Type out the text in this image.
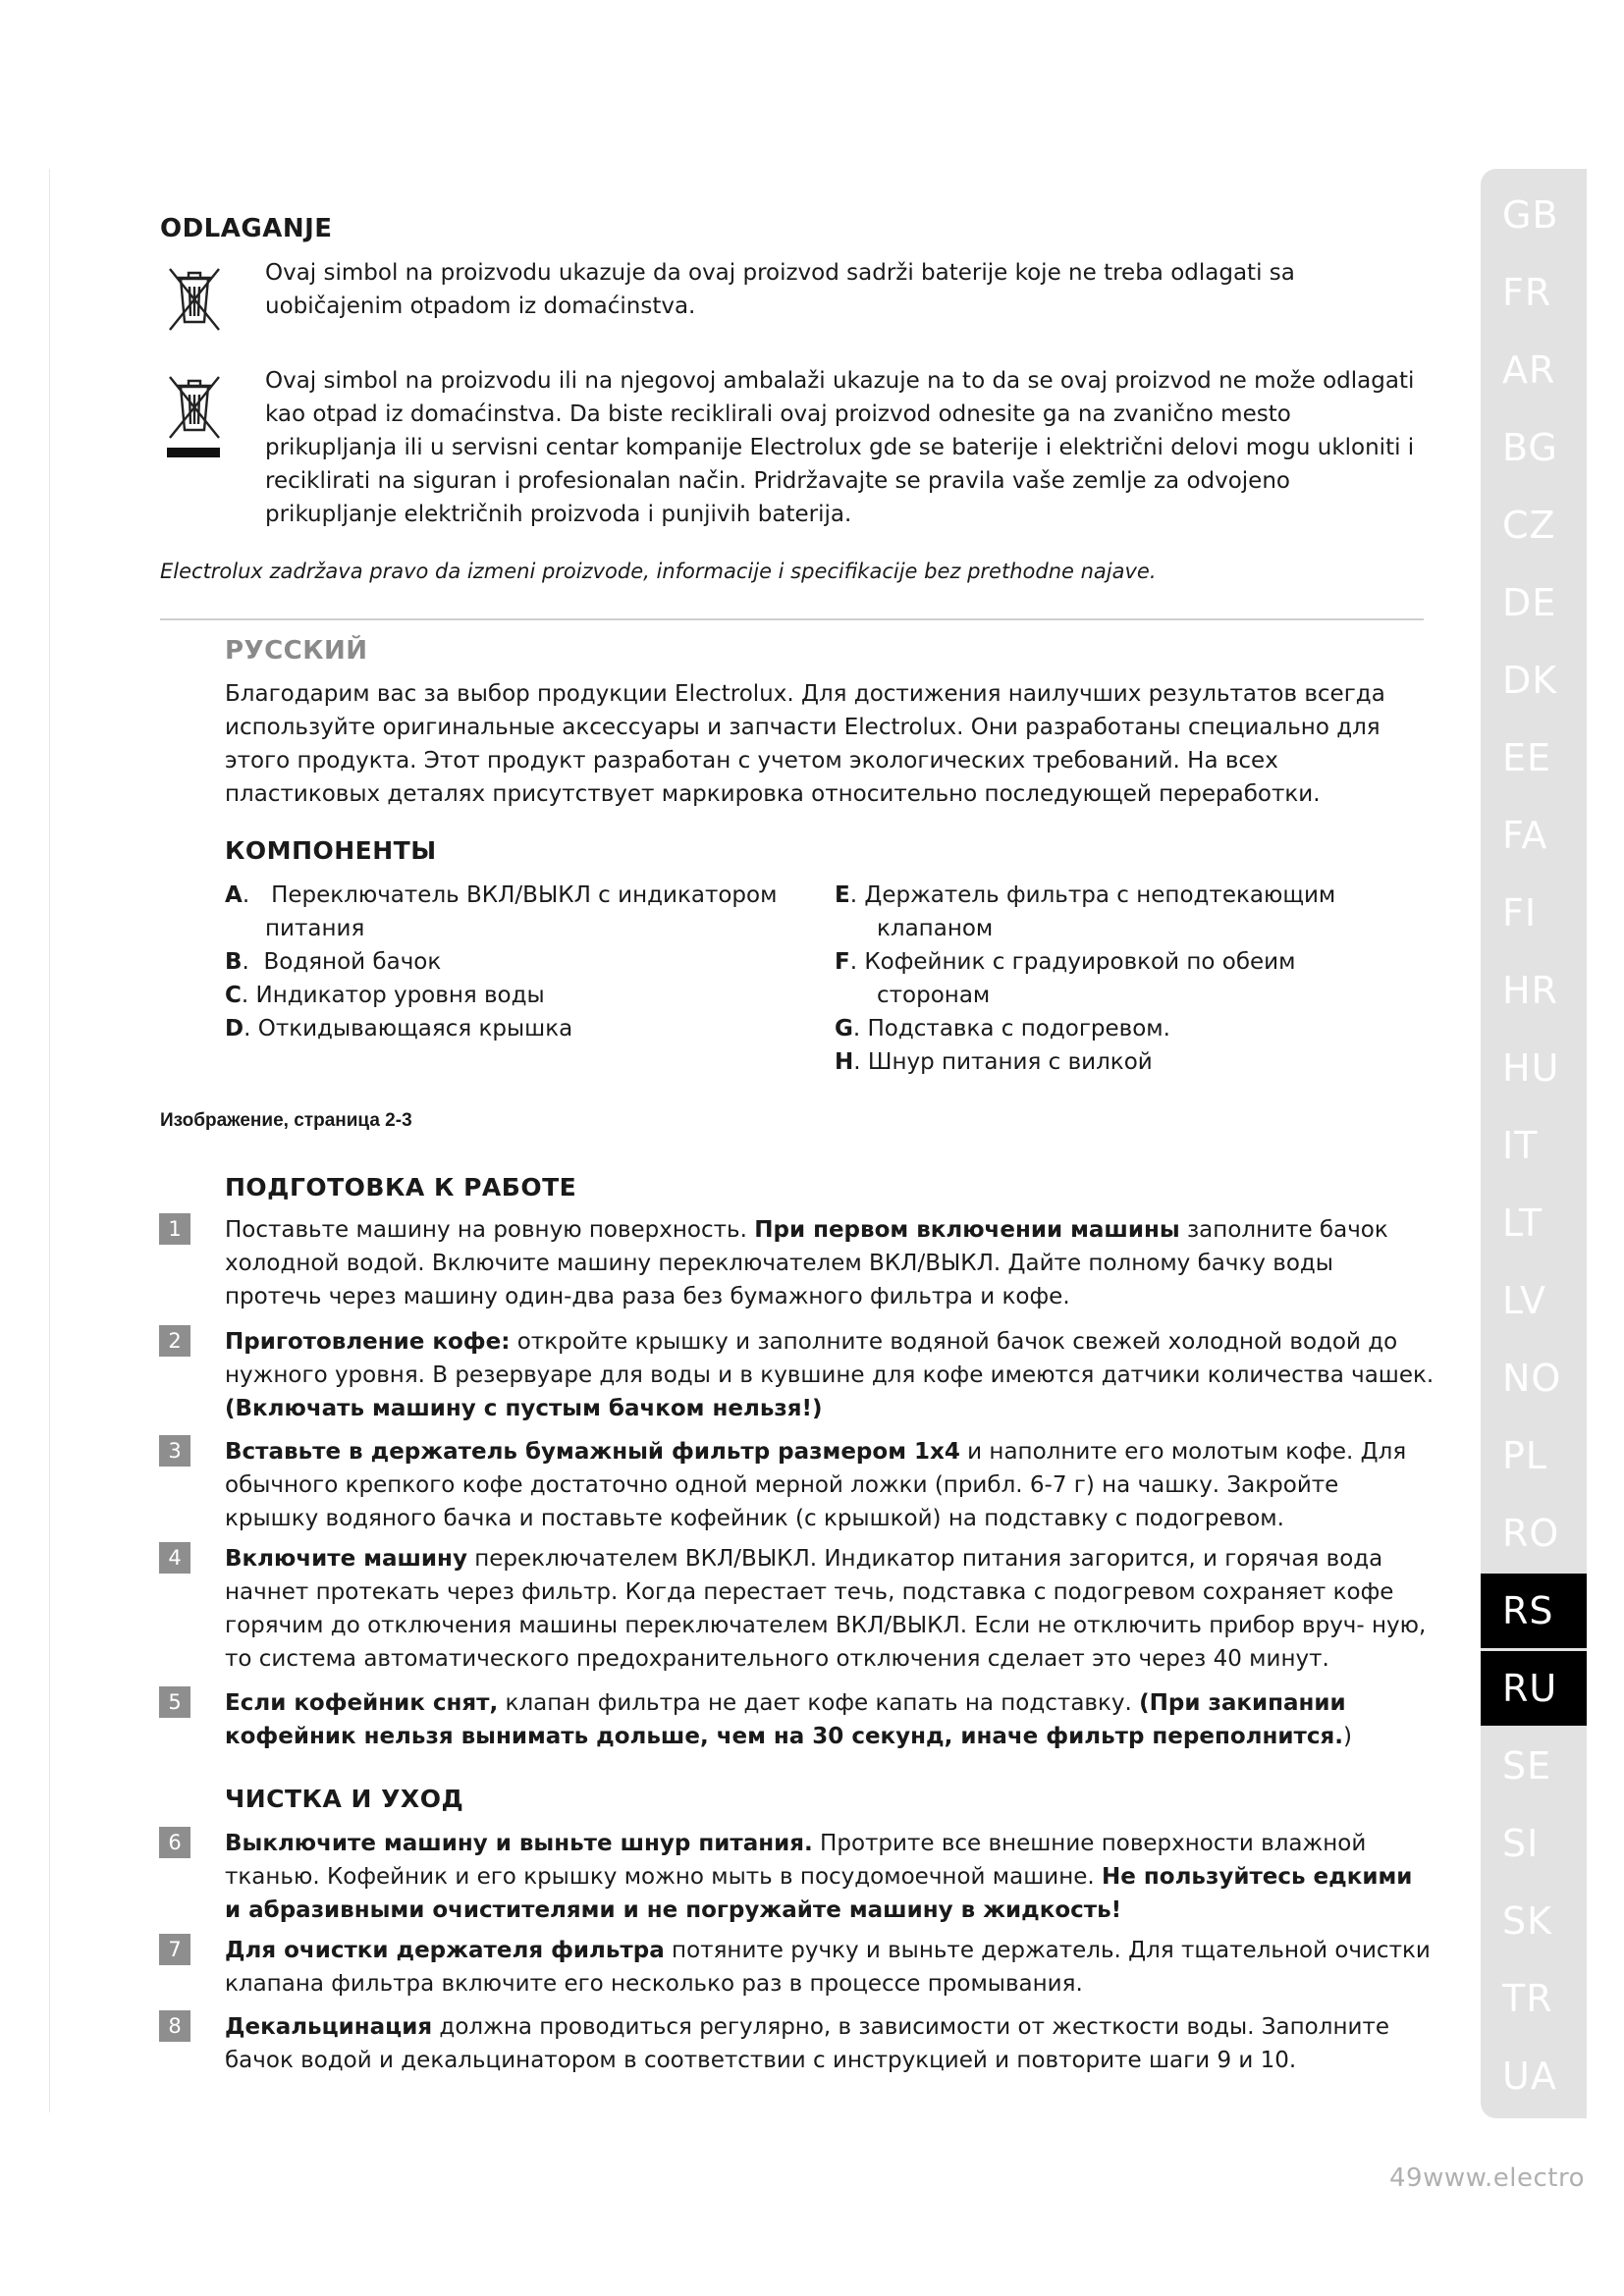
ODLAGANJE
Ovaj simbol na proizvodu ukazuje da ovaj proizvod sadrži baterije koje ne treba odlagati sa uobičajenim otpadom iz domaćinstva.
Ovaj simbol na proizvodu ili na njegovoj ambalaži ukazuje na to da se ovaj proizvod ne može odlagati kao otpad iz domaćinstva. Da biste reciklirali ovaj proizvod odnesite ga na zvanično mesto prikupljanja ili u servisni centar kompanije Electrolux gde se baterije i električni delovi mogu ukloniti i reciklirati na siguran i profesionalan način. Pridržavajte se pravila vaše zemlje za odvojeno prikupljanje električnih proizvoda i punjivih baterija.
Electrolux zadržava pravo da izmeni proizvode, informacije i specifikacije bez prethodne najave.
РУССКИЙ
Благодарим вас за выбор продукции Electrolux. Для достижения наилучших результатов всегда используйте оригинальные аксессуары и запчасти Electrolux. Они разработаны специально для этого продукта. Этот продукт разработан с учетом экологических требований. На всех пластиковых деталях присутствует маркировка относительно последующей переработки.
КОМПОНЕНТЫ
A.   Переключатель ВКЛ/ВЫКЛ с индикатором
питания
B.  Водяной бачок
C. Индикатор уровня воды
D. Откидывающаяся крышка
E. Держатель фильтра с неподтекающим
клапаном
F. Кофейник с градуировкой по обеим
сторонам
G. Подставка с подогревом.
H. Шнур питания с вилкой
Изображение, страница 2-3
ПОДГОТОВКА К РАБОТЕ
1	Поставьте машину на ровную поверхность. При первом включении машины заполните бачок холодной водой. Включите машину переключателем ВКЛ/ВЫКЛ. Дайте полному бачку воды протечь через машину один-два раза без бумажного фильтра и кофе.
2	Приготовление кофе: откройте крышку и заполните водяной бачок свежей холодной водой до нужного уровня. В резервуаре для воды и в кувшине для кофе имеются датчики количества чашек.
(Включать машину с пустым бачком нельзя!)
3	Вставьте в держатель бумажный фильтр размером 1x4 и наполните его молотым кофе. Для обычного крепкого кофе достаточно одной мерной ложки (прибл. 6-7 г) на чашку. Закройте крышку водяного бачка и поставьте кофейник (с крышкой) на подставку с подогревом.
4	Включите машину переключателем ВКЛ/ВЫКЛ. Индикатор питания загорится, и горячая вода начнет протекать через фильтр. Когда перестает течь, подставка с подогревом сохраняет кофе горячим до отключения машины переключателем ВКЛ/ВЫКЛ. Если не отключить прибор вруч- ную, то система автоматического предохранительного отключения сделает это через 40 минут.
5	Если кофейник снят, клапан фильтра не дает кофе капать на подставку. (При закипании кофейник нельзя вынимать дольше, чем на 30 секунд, иначе фильтр переполнится.)
ЧИСТКА И УХОД
6	Выключите машину и выньте шнур питания. Протрите все внешние поверхности влажной тканью. Кофейник и его крышку можно мыть в посудомоечной машине. Не пользуйтесь едкими и абразивными очистителями и не погружайте машину в жидкость!
7	Для очистки держателя фильтра потяните ручку и выньте держатель. Для тщательной очистки клапана фильтра включите его несколько раз в процессе промывания.
8	Декальцинация должна проводиться регулярно, в зависимости от жесткости воды. Заполните бачок водой и декальцинатором в соответствии с инструкцией и повторите шаги 9 и 10.
GB
FR
AR
BG
CZ
DE
DK
EE
FA
FI
HR
HU
IT
LT
LV
NO
PL
RO
RS
RU
SE
SI
SK
TR
UA
49www.electro
